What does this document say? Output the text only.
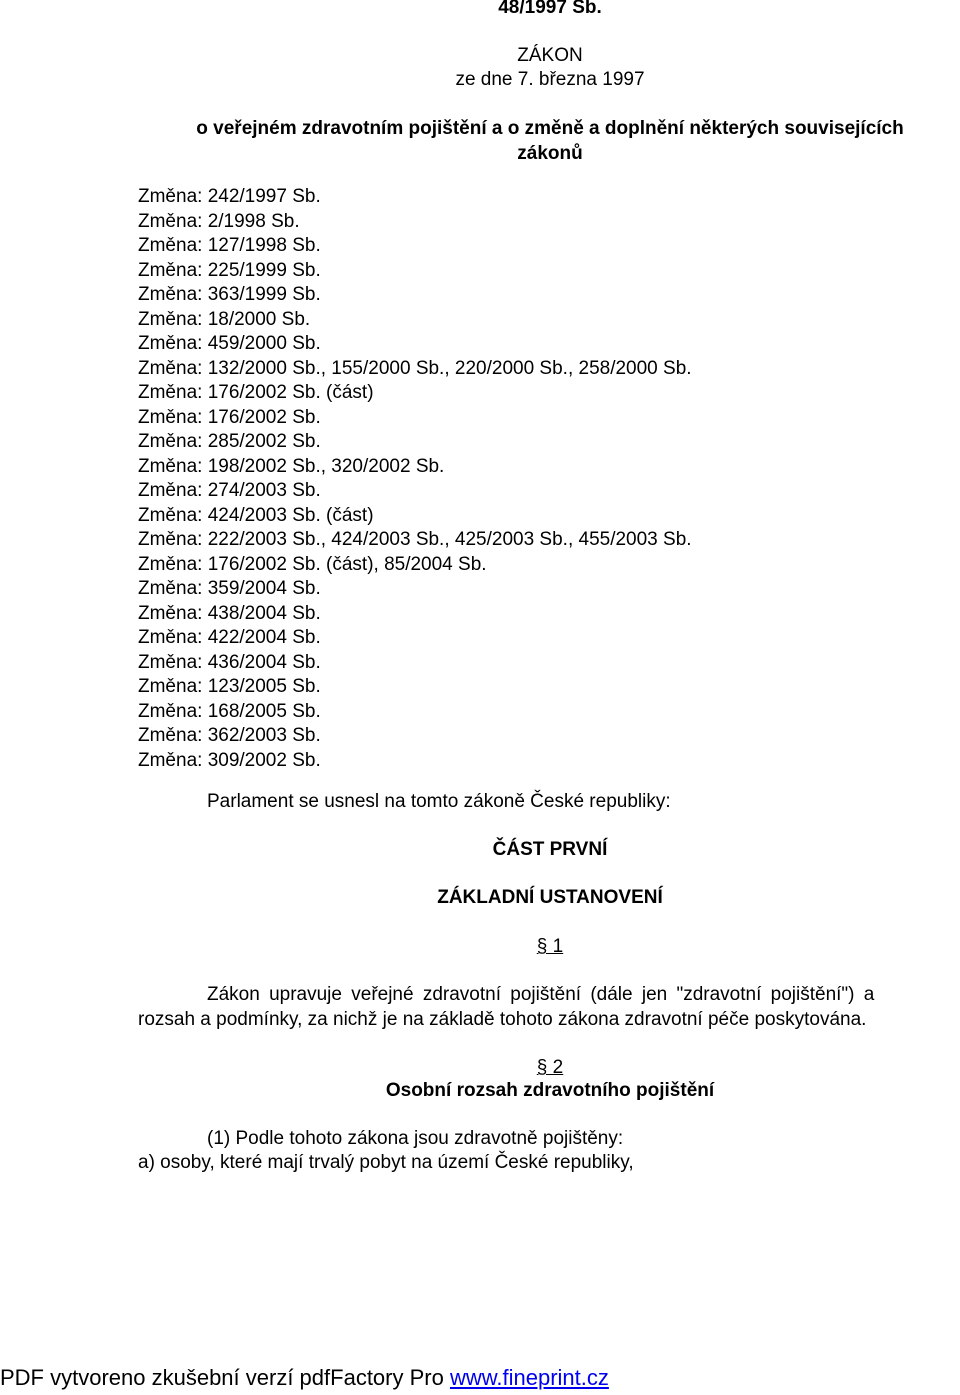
48/1997 Sb.
ZÁKON
ze dne 7. března 1997
o veřejném zdravotním pojištění a o změně a doplnění některých souvisejících
zákonů
Změna: 242/1997 Sb.
Změna: 2/1998 Sb.
Změna: 127/1998 Sb.
Změna: 225/1999 Sb.
Změna: 363/1999 Sb.
Změna: 18/2000 Sb.
Změna: 459/2000 Sb.
Změna: 132/2000 Sb., 155/2000 Sb., 220/2000 Sb., 258/2000 Sb.
Změna: 176/2002 Sb. (část)
Změna: 176/2002 Sb.
Změna: 285/2002 Sb.
Změna: 198/2002 Sb., 320/2002 Sb.
Změna: 274/2003 Sb.
Změna: 424/2003 Sb. (část)
Změna: 222/2003 Sb., 424/2003 Sb., 425/2003 Sb., 455/2003 Sb.
Změna: 176/2002 Sb. (část), 85/2004 Sb.
Změna: 359/2004 Sb.
Změna: 438/2004 Sb.
Změna: 422/2004 Sb.
Změna: 436/2004 Sb.
Změna: 123/2005 Sb.
Změna: 168/2005 Sb.
Změna: 362/2003 Sb.
Změna: 309/2002 Sb.
Parlament se usnesl na tomto zákoně České republiky:
ČÁST PRVNÍ
ZÁKLADNÍ USTANOVENÍ
§ 1
Zákon upravuje veřejné zdravotní pojištění (dále jen "zdravotní pojištění") a
rozsah a podmínky, za nichž je na základě tohoto zákona zdravotní péče poskytována.
§ 2
Osobní rozsah zdravotního pojištění
(1) Podle tohoto zákona jsou zdravotně pojištěny:
a) osoby, které mají trvalý pobyt na území České republiky,
PDF vytvoreno zkušební verzí pdfFactory Pro www.fineprint.cz
